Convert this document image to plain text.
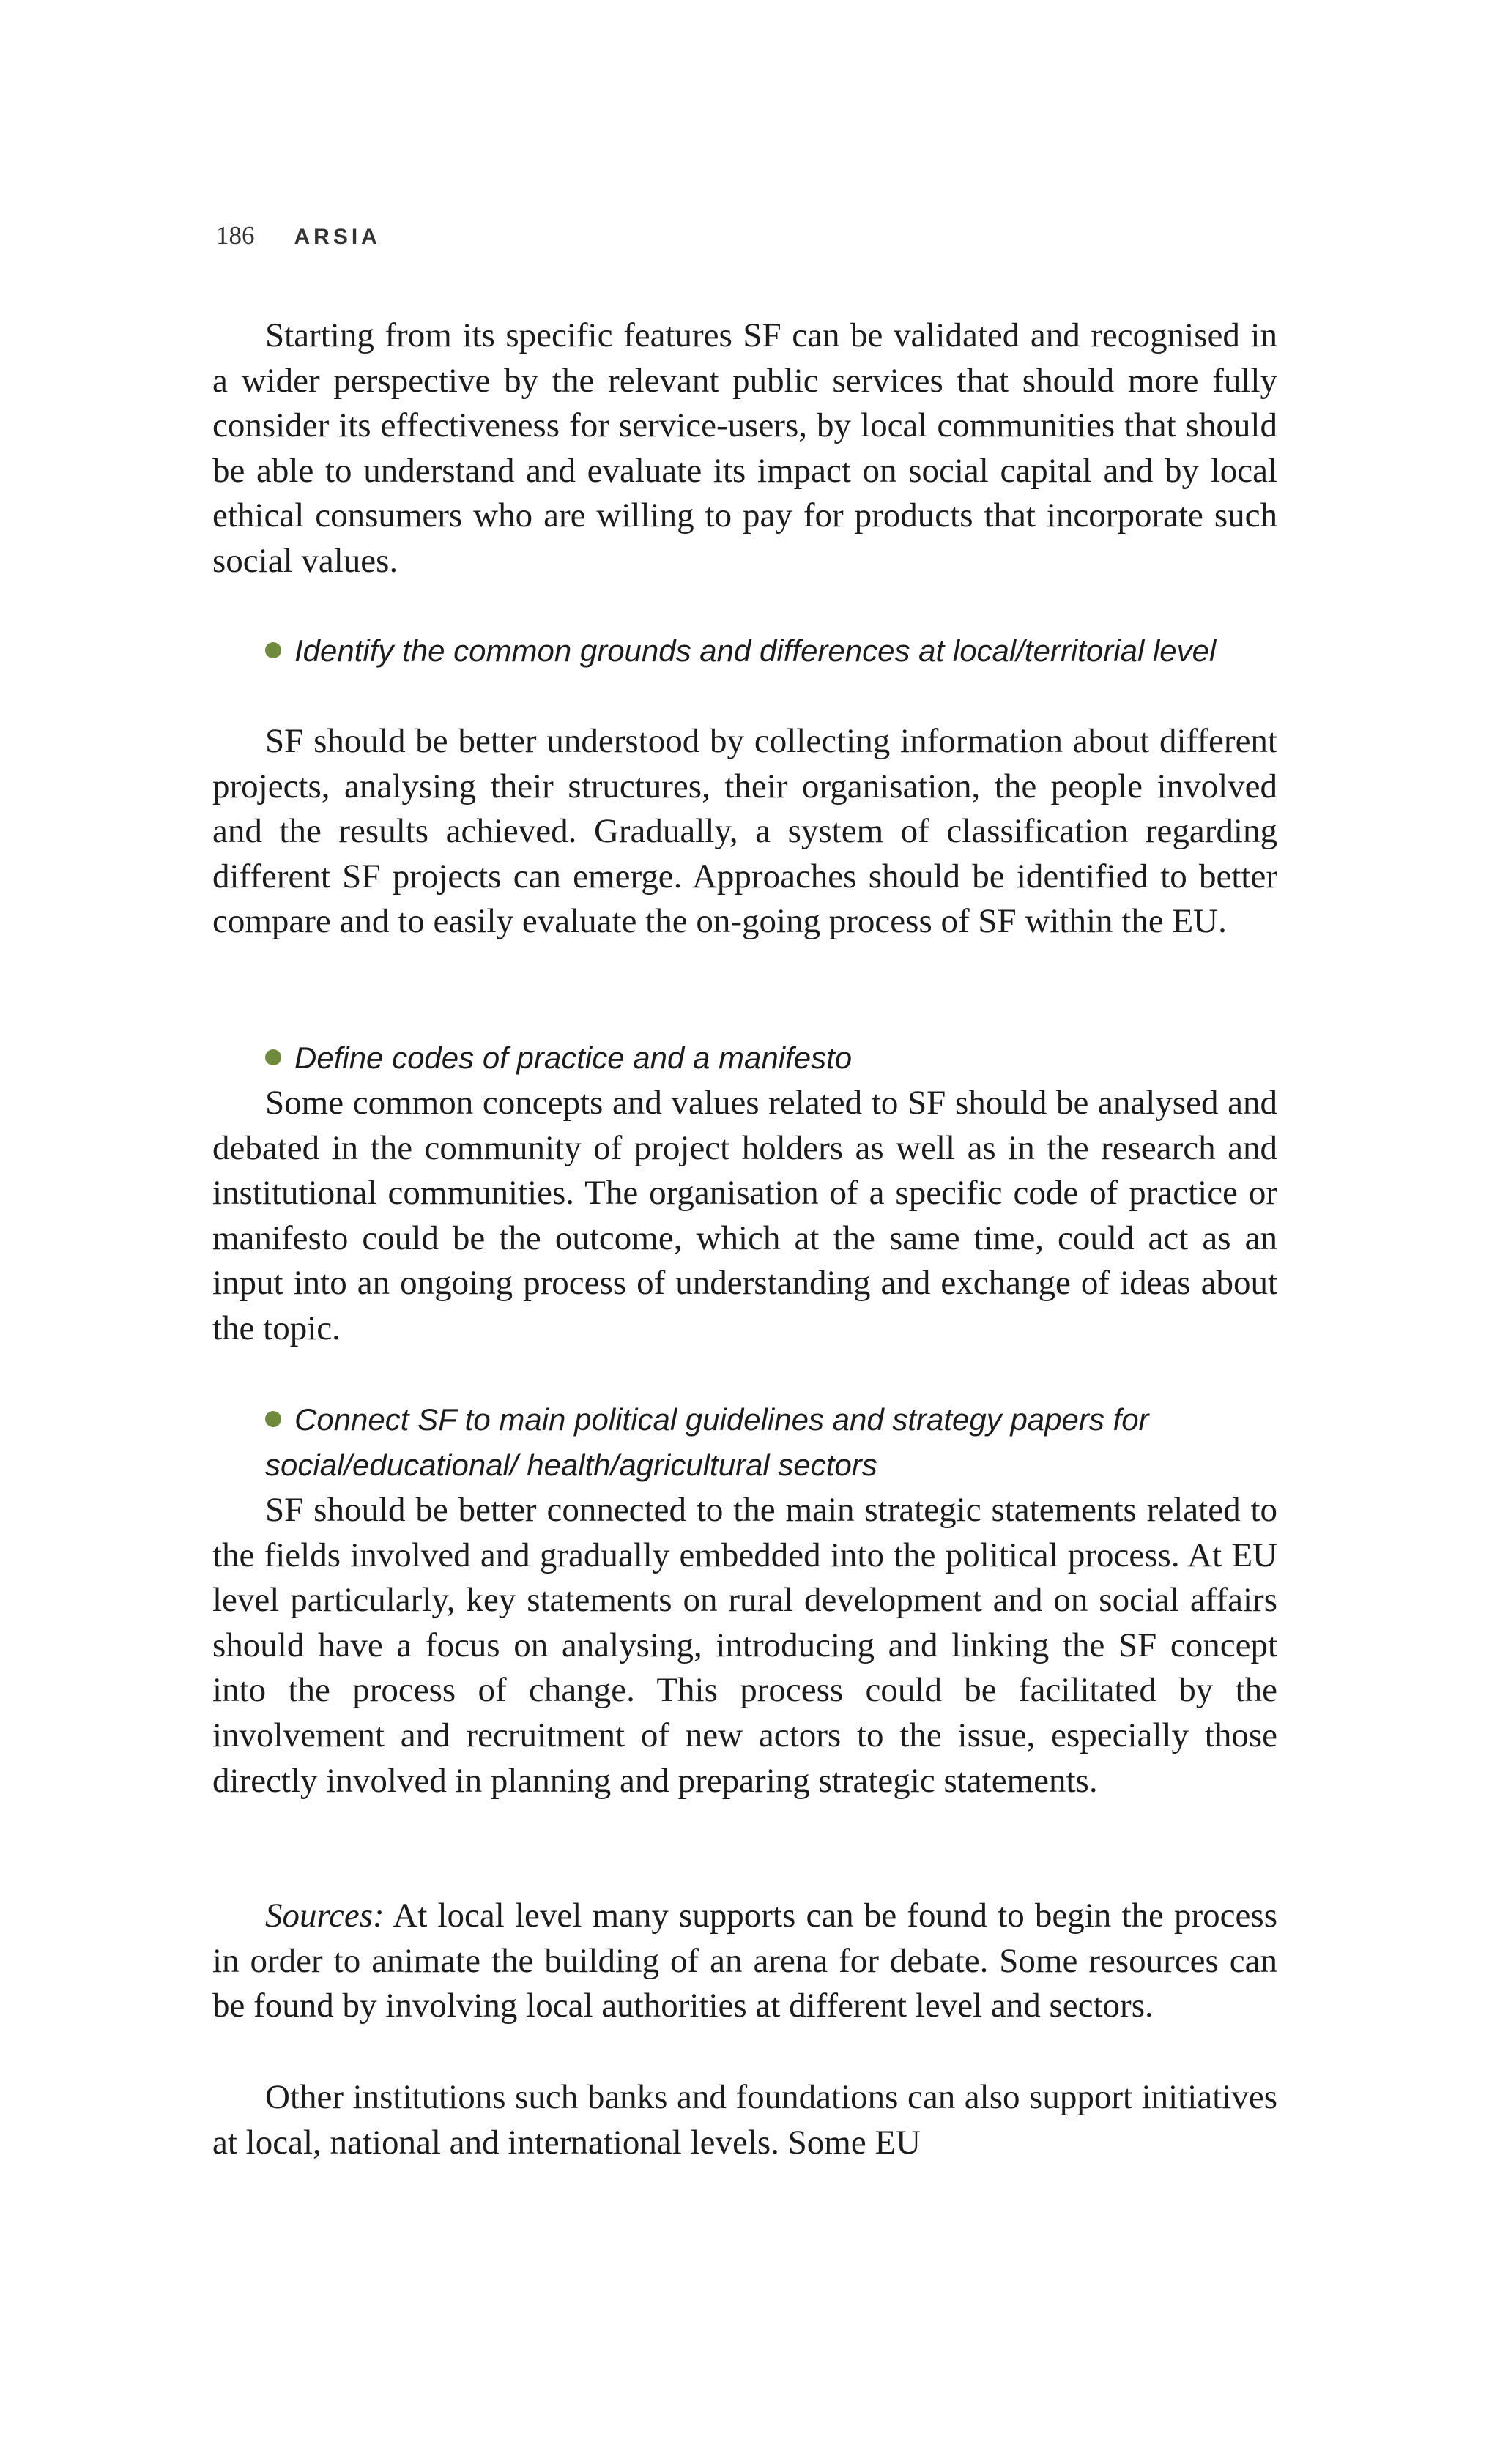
186 ARSIA

Starting from its specific features SF can be validated and recognised in a wider perspective by the relevant public services that should more fully consider its effectiveness for service-users, by local communities that should be able to understand and evaluate its impact on social capital and by local ethical consumers who are willing to pay for products that incorporate such social values.

Identify the common grounds and differences at local/territorial level

SF should be better understood by collecting information about different projects, analysing their structures, their organisation, the people involved and the results achieved. Gradually, a system of classification regarding different SF projects can emerge. Approaches should be identified to better compare and to easily evaluate the on-going process of SF within the EU.

Define codes of practice and a manifesto

Some common concepts and values related to SF should be analysed and debated in the community of project holders as well as in the research and institutional communities. The organisation of a specific code of practice or manifesto could be the outcome, which at the same time, could act as an input into an ongoing process of understanding and exchange of ideas about the topic.

Connect SF to main political guidelines and strategy papers for social/educational/ health/agricultural sectors

SF should be better connected to the main strategic statements related to the fields involved and gradually embedded into the political process. At EU level particularly, key statements on rural development and on social affairs should have a focus on analysing, introducing and linking the SF concept into the process of change. This process could be facilitated by the involvement and recruitment of new actors to the issue, especially those directly involved in planning and preparing strategic statements.

Sources: At local level many supports can be found to begin the process in order to animate the building of an arena for debate. Some resources can be found by involving local authorities at different level and sectors.

Other institutions such banks and foundations can also support initiatives at local, national and international levels. Some EU
